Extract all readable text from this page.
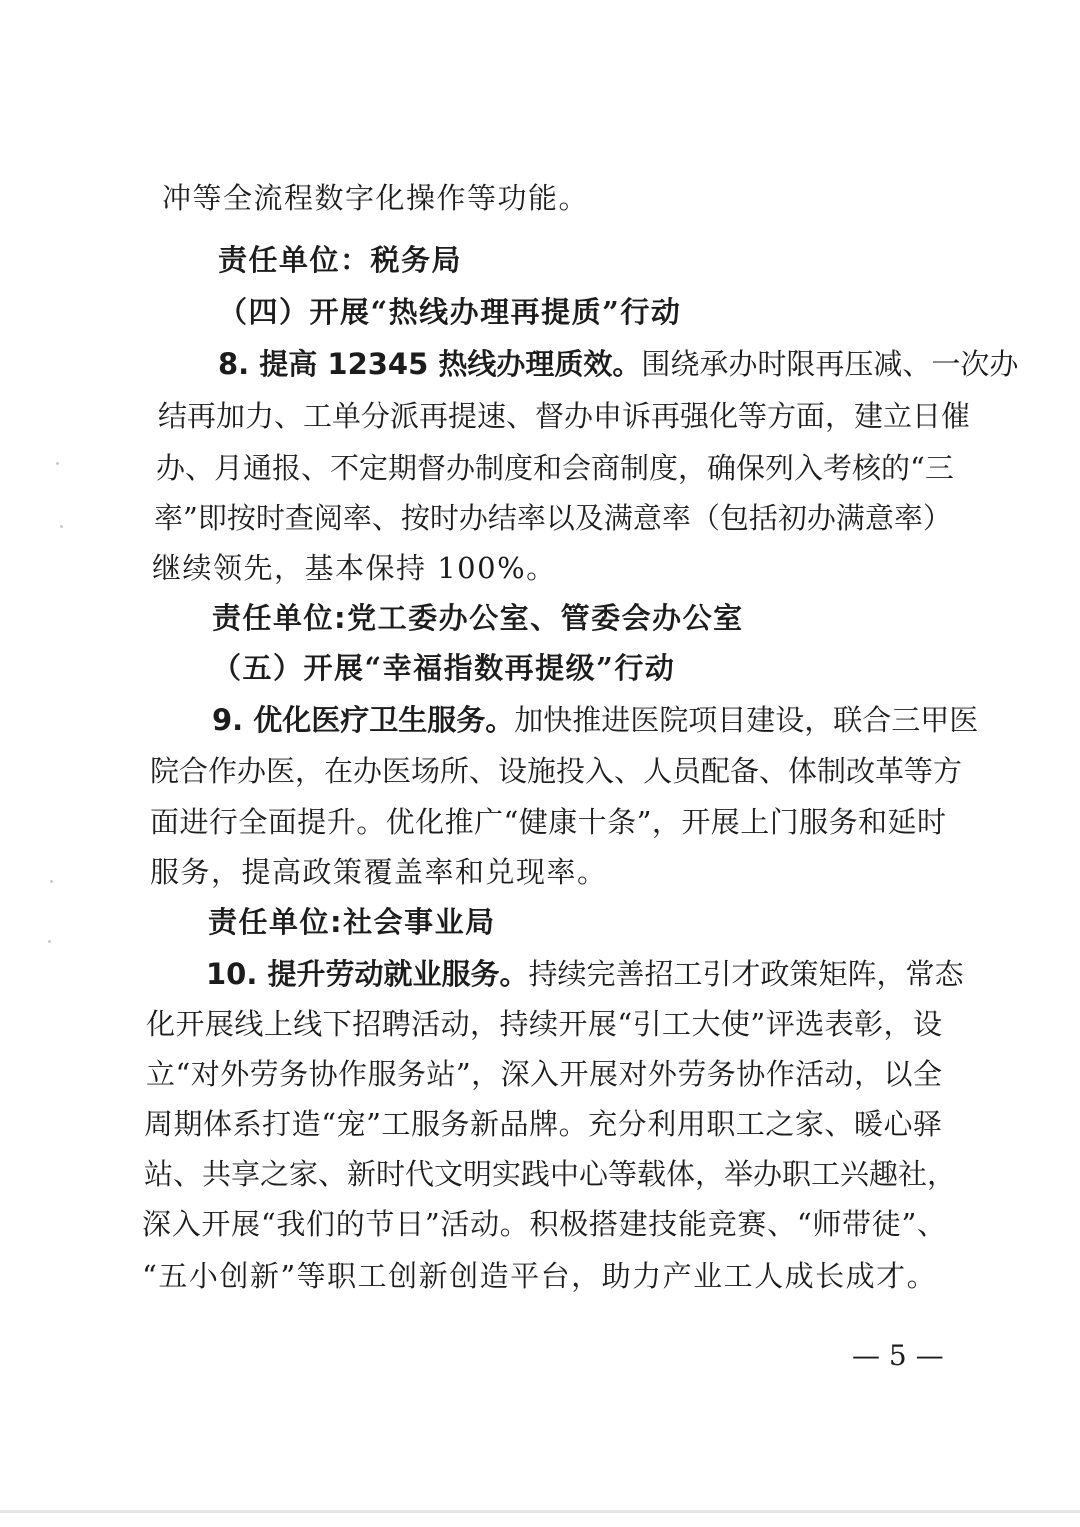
冲等全流程数字化操作等功能。
责任单位：税务局
（四）开展“热线办理再提质”行动
8. 提高 12345 热线办理质效。围绕承办时限再压减、一次办
结再加力、工单分派再提速、督办申诉再强化等方面，建立日催
办、月通报、不定期督办制度和会商制度，确保列入考核的“三
率”即按时查阅率、按时办结率以及满意率（包括初办满意率）
继续领先，基本保持 100%。
责任单位:党工委办公室、管委会办公室
（五）开展“幸福指数再提级”行动
9. 优化医疗卫生服务。加快推进医院项目建设，联合三甲医
院合作办医，在办医场所、设施投入、人员配备、体制改革等方
面进行全面提升。优化推广“健康十条”，开展上门服务和延时
服务，提高政策覆盖率和兑现率。
责任单位:社会事业局
10. 提升劳动就业服务。持续完善招工引才政策矩阵，常态
化开展线上线下招聘活动，持续开展“引工大使”评选表彰，设
立“对外劳务协作服务站”，深入开展对外劳务协作活动，以全
周期体系打造“宠”工服务新品牌。充分利用职工之家、暖心驿
站、共享之家、新时代文明实践中心等载体，举办职工兴趣社，
深入开展“我们的节日”活动。积极搭建技能竞赛、“师带徒”、
“五小创新”等职工创新创造平台，助力产业工人成长成才。
— 5 —
